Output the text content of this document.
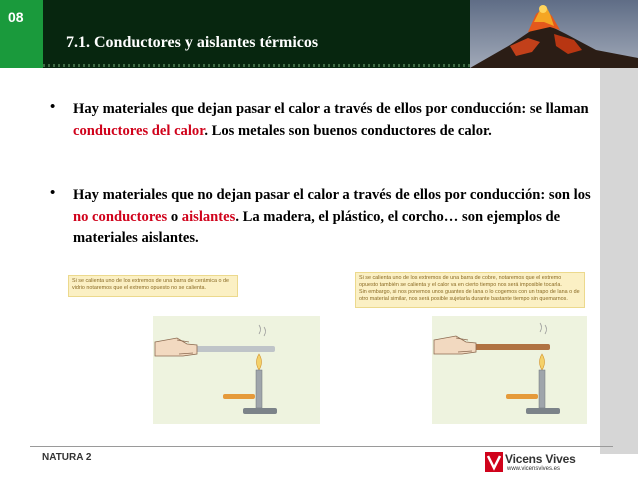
08
7.1. Conductores y aislantes térmicos
• Hay materiales que dejan pasar el calor a través de ellos por conducción: se llaman conductores del calor. Los metales son buenos conductores de calor.
• Hay materiales que no dejan pasar el calor a través de ellos por conducción: son los no conductores o aislantes. La madera, el plástico, el corcho… son ejemplos de materiales aislantes.

Si se calienta uno de los extremos de una barra de cerámica o de vidrio notaremos que el extremo opuesto no se calienta.

Si se calienta uno de los extremos de una barra de cobre, notaremos que el extremo opuesto también se calienta y el calor va en cierto tiempo nos será imposible tocarla.

Sin embargo, si nos ponemos unos guantes de lana o lo cogemos con un trapo de lana o de otro material similar, nos será posible sujetarla durante bastante tiempo sin quemarnos.

NATURA 2	Vicens Vives
www.vicensvives.es
